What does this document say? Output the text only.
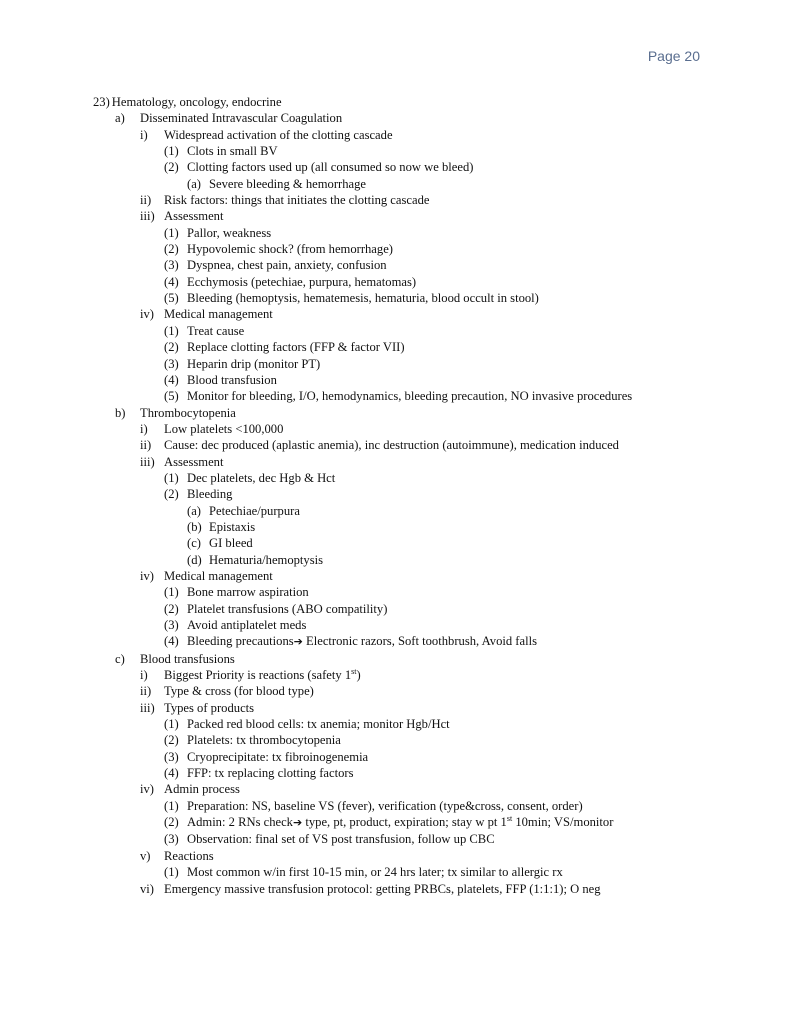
Page 20
23) Hematology, oncology, endocrine
a) Disseminated Intravascular Coagulation
i) Widespread activation of the clotting cascade
(1) Clots in small BV
(2) Clotting factors used up (all consumed so now we bleed)
(a) Severe bleeding & hemorrhage
ii) Risk factors: things that initiates the clotting cascade
iii) Assessment
(1) Pallor, weakness
(2) Hypovolemic shock? (from hemorrhage)
(3) Dyspnea, chest pain, anxiety, confusion
(4) Ecchymosis (petechiae, purpura, hematomas)
(5) Bleeding (hemoptysis, hematemesis, hematuria, blood occult in stool)
iv) Medical management
(1) Treat cause
(2) Replace clotting factors (FFP & factor VII)
(3) Heparin drip (monitor PT)
(4) Blood transfusion
(5) Monitor for bleeding, I/O, hemodynamics, bleeding precaution, NO invasive procedures
b) Thrombocytopenia
i) Low platelets <100,000
ii) Cause: dec produced (aplastic anemia), inc destruction (autoimmune), medication induced
iii) Assessment
(1) Dec platelets, dec Hgb & Hct
(2) Bleeding
(a) Petechiae/purpura
(b) Epistaxis
(c) GI bleed
(d) Hematuria/hemoptysis
iv) Medical management
(1) Bone marrow aspiration
(2) Platelet transfusions (ABO compatility)
(3) Avoid antiplatelet meds
(4) Bleeding precautions➔ Electronic razors, Soft toothbrush, Avoid falls
c) Blood transfusions
i) Biggest Priority is reactions (safety 1st)
ii) Type & cross (for blood type)
iii) Types of products
(1) Packed red blood cells: tx anemia; monitor Hgb/Hct
(2) Platelets: tx thrombocytopenia
(3) Cryoprecipitate: tx fibroinogenemia
(4) FFP: tx replacing clotting factors
iv) Admin process
(1) Preparation: NS, baseline VS (fever), verification (type&cross, consent, order)
(2) Admin: 2 RNs check➔ type, pt, product, expiration; stay w pt 1st 10min; VS/monitor
(3) Observation: final set of VS post transfusion, follow up CBC
v) Reactions
(1) Most common w/in first 10-15 min, or 24 hrs later; tx similar to allergic rx
vi) Emergency massive transfusion protocol: getting PRBCs, platelets, FFP (1:1:1); O neg
